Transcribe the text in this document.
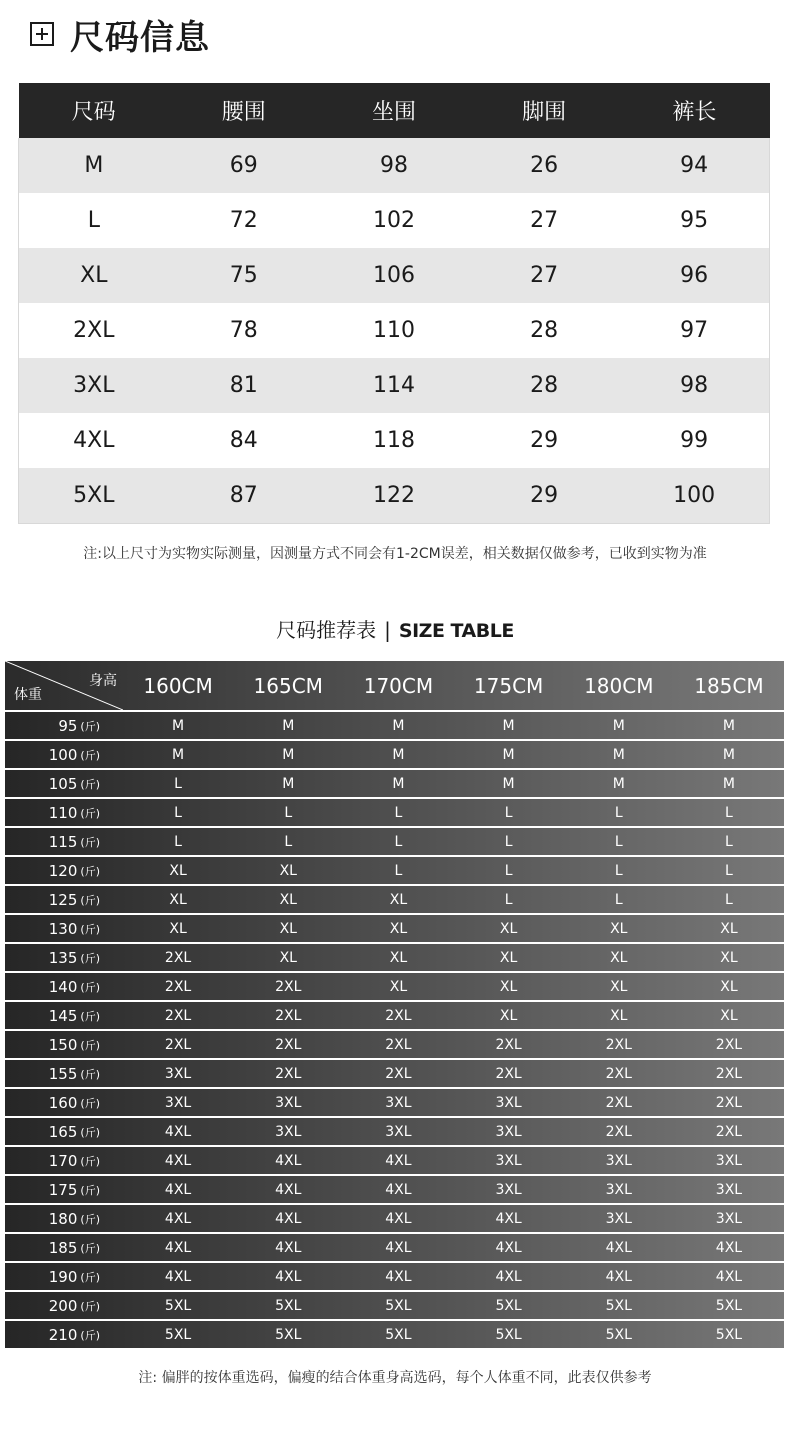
尺码信息
尺码	腰围	坐围	脚围	裤长
M	69	98	26	94
L	72	102	27	95
XL	75	106	27	96
2XL	78	110	28	97
3XL	81	114	28	98
4XL	84	118	29	99
5XL	87	122	29	100
注:以上尺寸为实物实际测量，因测量方式不同会有1-2CM误差，相关数据仅做参考，已收到实物为准
尺码推荐表 | SIZE TABLE
身高
体重	160CM	165CM	170CM	175CM	180CM	185CM
95 (斤)	M	M	M	M	M	M
100 (斤)	M	M	M	M	M	M
105 (斤)	L	M	M	M	M	M
110 (斤)	L	L	L	L	L	L
115 (斤)	L	L	L	L	L	L
120 (斤)	XL	XL	L	L	L	L
125 (斤)	XL	XL	XL	L	L	L
130 (斤)	XL	XL	XL	XL	XL	XL
135 (斤)	2XL	XL	XL	XL	XL	XL
140 (斤)	2XL	2XL	XL	XL	XL	XL
145 (斤)	2XL	2XL	2XL	XL	XL	XL
150 (斤)	2XL	2XL	2XL	2XL	2XL	2XL
155 (斤)	3XL	2XL	2XL	2XL	2XL	2XL
160 (斤)	3XL	3XL	3XL	3XL	2XL	2XL
165 (斤)	4XL	3XL	3XL	3XL	2XL	2XL
170 (斤)	4XL	4XL	4XL	3XL	3XL	3XL
175 (斤)	4XL	4XL	4XL	3XL	3XL	3XL
180 (斤)	4XL	4XL	4XL	4XL	3XL	3XL
185 (斤)	4XL	4XL	4XL	4XL	4XL	4XL
190 (斤)	4XL	4XL	4XL	4XL	4XL	4XL
200 (斤)	5XL	5XL	5XL	5XL	5XL	5XL
210 (斤)	5XL	5XL	5XL	5XL	5XL	5XL
注: 偏胖的按体重选码，偏瘦的结合体重身高选码，每个人体重不同，此表仅供参考
